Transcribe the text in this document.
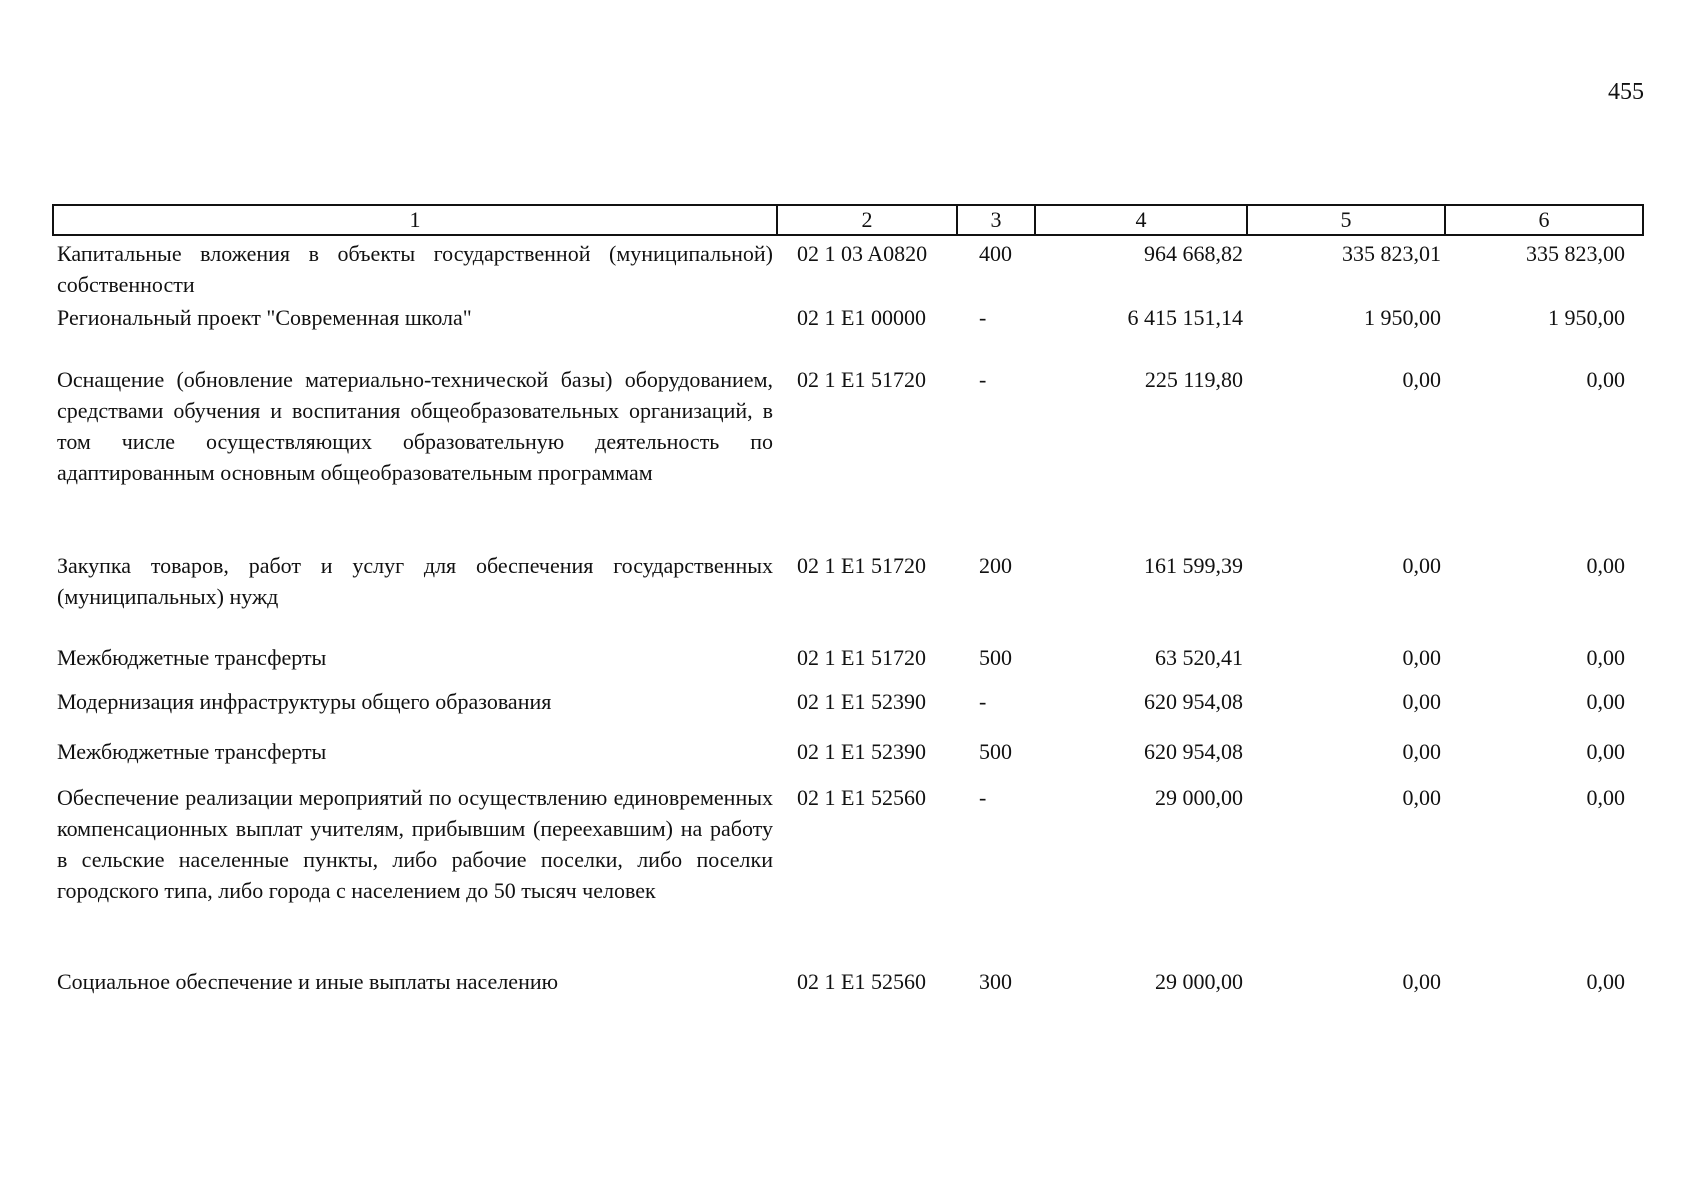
455
1	2	3	4	5	6
Капитальные вложения в объекты государственной (муниципальной) собственности	02 1 03 A0820	400	964 668,82	335 823,01	335 823,00
Региональный проект "Современная школа"	02 1 E1 00000	-	6 415 151,14	1 950,00	1 950,00
Оснащение (обновление материально-технической базы) оборудованием, средствами обучения и воспитания общеобразовательных организаций, в том числе осуществляющих образовательную деятельность по адаптированным основным общеобразовательным программам	02 1 E1 51720	-	225 119,80	0,00	0,00
Закупка товаров, работ и услуг для обеспечения государственных (муниципальных) нужд	02 1 E1 51720	200	161 599,39	0,00	0,00
Межбюджетные трансферты	02 1 E1 51720	500	63 520,41	0,00	0,00
Модернизация инфраструктуры общего образования	02 1 E1 52390	-	620 954,08	0,00	0,00
Межбюджетные трансферты	02 1 E1 52390	500	620 954,08	0,00	0,00
Обеспечение реализации мероприятий по осуществлению единовременных компенсационных выплат учителям, прибывшим (переехавшим) на работу в сельские населенные пункты, либо рабочие поселки, либо поселки городского типа, либо города с населением до 50 тысяч человек	02 1 E1 52560	-	29 000,00	0,00	0,00
Социальное обеспечение и иные выплаты населению	02 1 E1 52560	300	29 000,00	0,00	0,00
